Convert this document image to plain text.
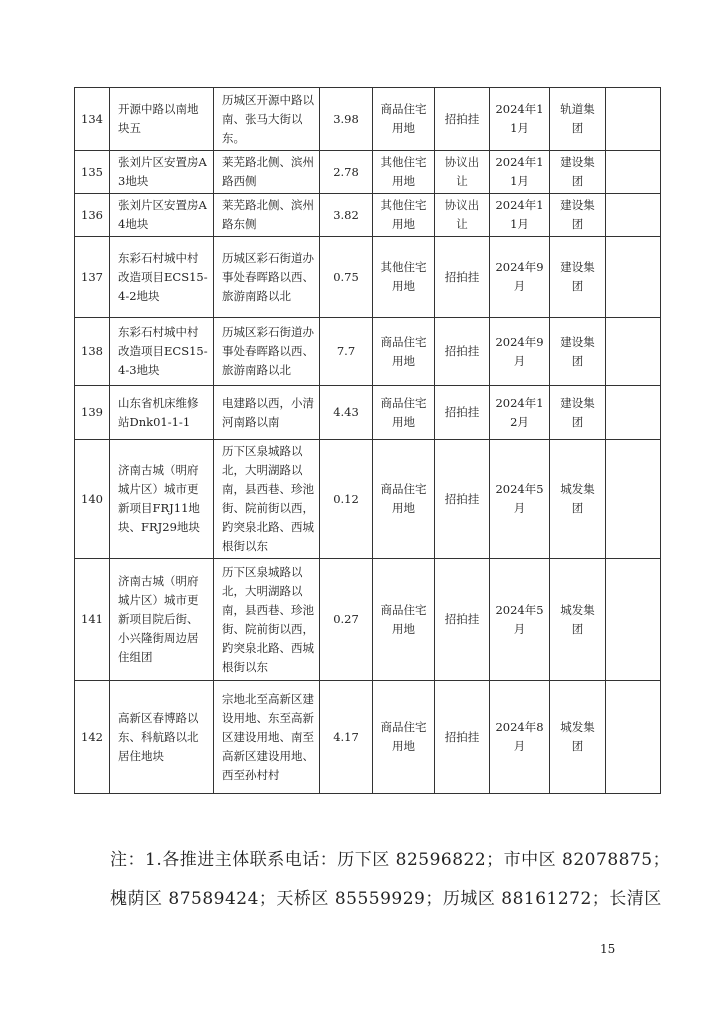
134	开源中路以南地块五	历城区开源中路以南、张马大街以东。	3.98	商品住宅用地	招拍挂	2024年11月	轨道集团	
135	张刘片区安置房A3地块	莱芜路北侧、滨州路西侧	2.78	其他住宅用地	协议出让	2024年11月	建设集团	
136	张刘片区安置房A4地块	莱芜路北侧、滨州路东侧	3.82	其他住宅用地	协议出让	2024年11月	建设集团	
137	东彩石村城中村改造项目ECS15-4-2地块	历城区彩石街道办事处春晖路以西、旅游南路以北	0.75	其他住宅用地	招拍挂	2024年9月	建设集团	
138	东彩石村城中村改造项目ECS15-4-3地块	历城区彩石街道办事处春晖路以西、旅游南路以北	7.7	商品住宅用地	招拍挂	2024年9月	建设集团	
139	山东省机床维修站Dnk01-1-1	电建路以西，小清河南路以南	4.43	商品住宅用地	招拍挂	2024年12月	建设集团	
140	济南古城（明府城片区）城市更新项目FRJ11地块、FRJ29地块	历下区泉城路以北，大明湖路以南，县西巷、珍池街、院前街以西，趵突泉北路、西城根街以东	0.12	商品住宅用地	招拍挂	2024年5月	城发集团	
141	济南古城（明府城片区）城市更新项目院后街、小兴隆街周边居住组团	历下区泉城路以北，大明湖路以南，县西巷、珍池街、院前街以西，趵突泉北路、西城根街以东	0.27	商品住宅用地	招拍挂	2024年5月	城发集团	
142	高新区春博路以东、科航路以北居住地块	宗地北至高新区建设用地、东至高新区建设用地、南至高新区建设用地、西至孙村村	4.17	商品住宅用地	招拍挂	2024年8月	城发集团	
注：1.各推进主体联系电话：历下区 82596822；市中区 82078875；
槐荫区 87589424；天桥区 85559929；历城区 88161272；长清区
15
